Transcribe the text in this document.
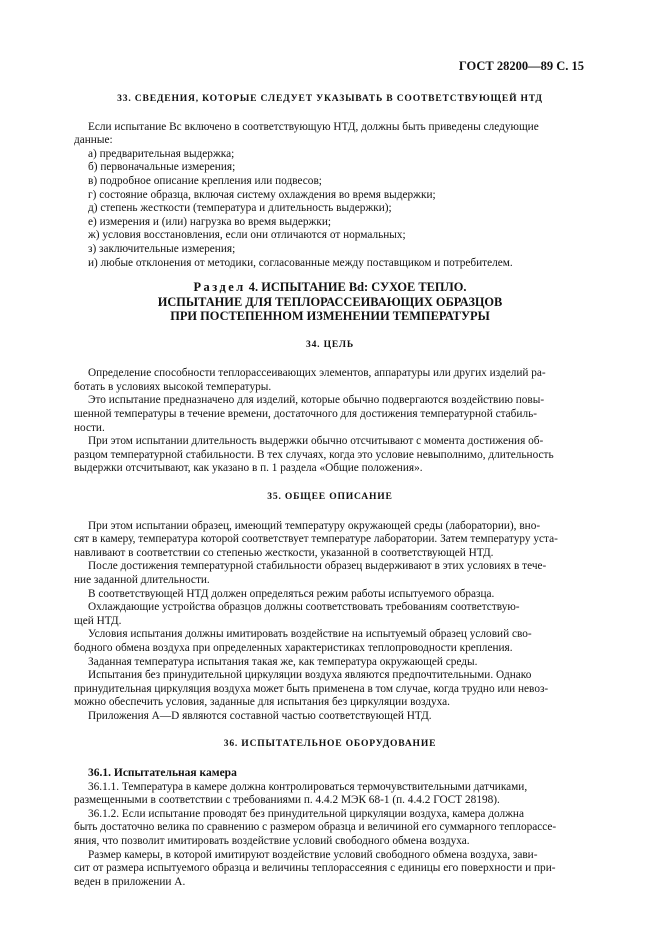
ГОСТ 28200—89 С. 15
33. СВЕДЕНИЯ, КОТОРЫЕ СЛЕДУЕТ УКАЗЫВАТЬ В СООТВЕТСТВУЮЩЕЙ НТД

Если испытание Вс включено в соответствующую НТД, должны быть приведены следующие
данные:

а) предварительная выдержка;
б) первоначальные измерения;
в) подробное описание крепления или подвесов;
г) состояние образца, включая систему охлаждения во время выдержки;
д) степень жесткости (температура и длительность выдержки);
е) измерения и (или) нагрузка во время выдержки;
ж) условия восстановления, если они отличаются от нормальных;
з) заключительные измерения;
и) любые отклонения от методики, согласованные между поставщиком и потребителем.
Раздел 4. ИСПЫТАНИЕ Bd: СУХОЕ ТЕПЛО.
ИСПЫТАНИЕ ДЛЯ ТЕПЛОРАССЕИВАЮЩИХ ОБРАЗЦОВ
ПРИ ПОСТЕПЕННОМ ИЗМЕНЕНИИ ТЕМПЕРАТУРЫ
34. ЦЕЛЬ

Определение способности теплорассеивающих элементов, аппаратуры или других изделий ра-
ботать в условиях высокой температуры.

Это испытание предназначено для изделий, которые обычно подвергаются воздействию повы-
шенной температуры в течение времени, достаточного для достижения температурной стабиль-
ности.

При этом испытании длительность выдержки обычно отсчитывают с момента достижения об-
разцом температурной стабильности. В тех случаях, когда это условие невыполнимо, длительность
выдержки отсчитывают, как указано в п. 1 раздела «Общие положения».

35. ОБЩЕЕ ОПИСАНИЕ

При этом испытании образец, имеющий температуру окружающей среды (лаборатории), вно-
сят в камеру, температура которой соответствует температуре лаборатории. Затем температуру уста-
навливают в соответствии со степенью жесткости, указанной в соответствующей НТД.

После достижения температурной стабильности образец выдерживают в этих условиях в тече-
ние заданной длительности.

В соответствующей НТД должен определяться режим работы испытуемого образца.

Охлаждающие устройства образцов должны соответствовать требованиям соответствую-
щей НТД.

Условия испытания должны имитировать воздействие на испытуемый образец условий сво-
бодного обмена воздуха при определенных характеристиках теплопроводности крепления.

Заданная температура испытания такая же, как температура окружающей среды.

Испытания без принудительной циркуляции воздуха являются предпочтительными. Однако
принудительная циркуляция воздуха может быть применена в том случае, когда трудно или невоз-
можно обеспечить условия, заданные для испытания без циркуляции воздуха.

Приложения А—D являются составной частью соответствующей НТД.

36. ИСПЫТАТЕЛЬНОЕ ОБОРУДОВАНИЕ
36.1. Испытательная камера

36.1.1. Температура в камере должна контролироваться термочувствительными датчиками,
размещенными в соответствии с требованиями п. 4.4.2 МЭК 68-1 (п. 4.4.2 ГОСТ 28198).

36.1.2. Если испытание проводят без принудительной циркуляции воздуха, камера должна
быть достаточно велика по сравнению с размером образца и величиной его суммарного теплорассе-
яния, что позволит имитировать воздействие условий свободного обмена воздуха.

Размер камеры, в которой имитируют воздействие условий свободного обмена воздуха, зави-
сит от размера испытуемого образца и величины теплорассеяния с единицы его поверхности и при-
веден в приложении А.
